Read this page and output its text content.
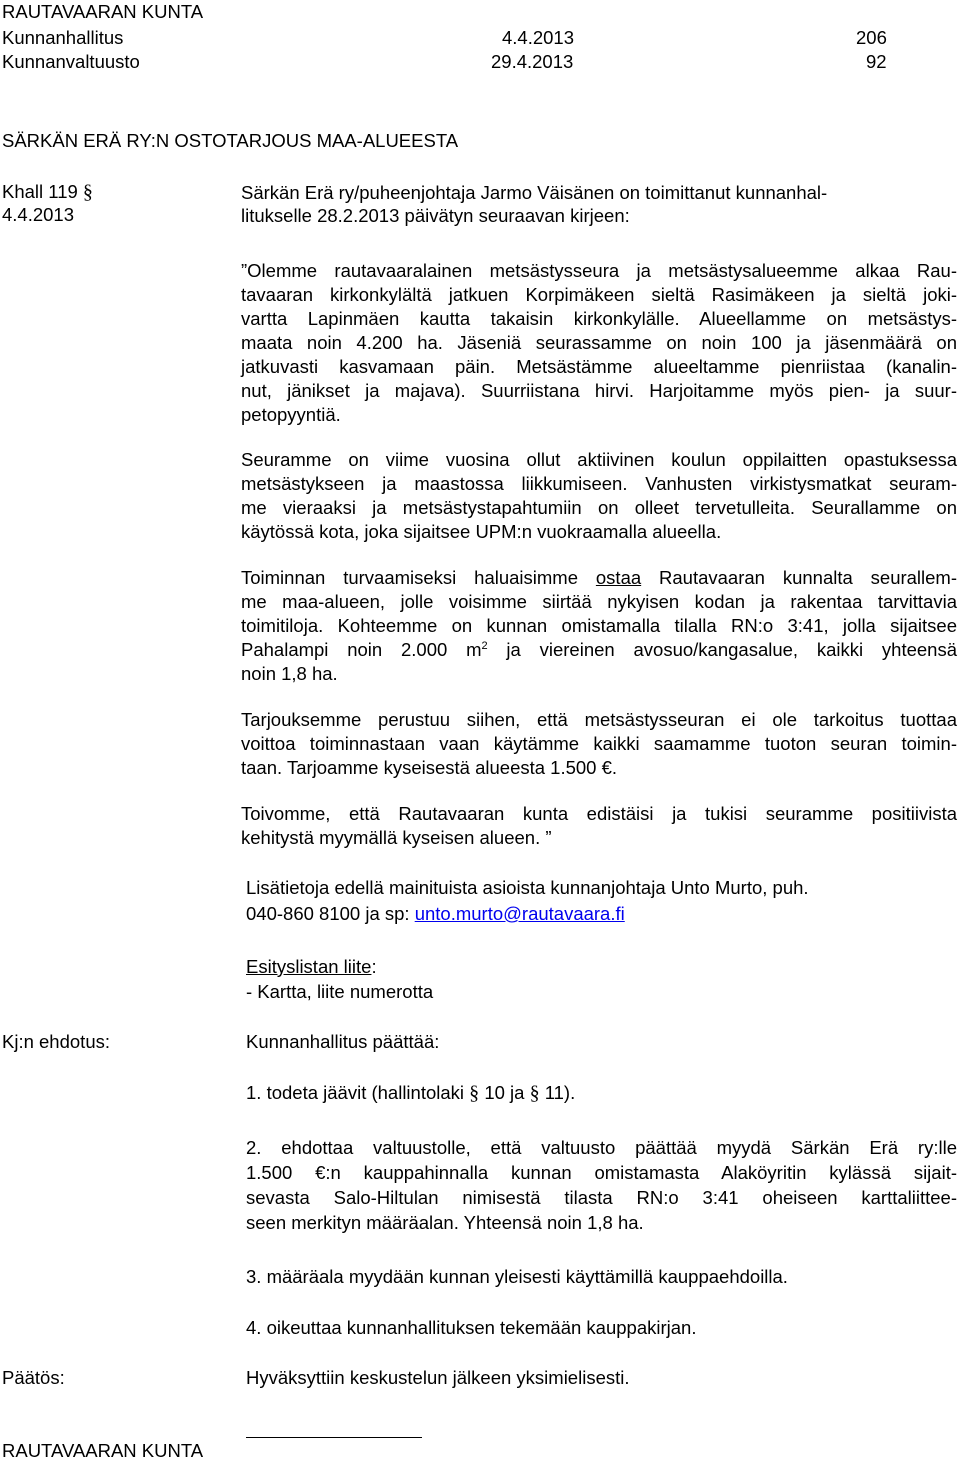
RAUTAVAARAN KUNTA
Kunnanhallitus	4.4.2013	206
Kunnanvaltuusto	29.4.2013	92
SÄRKÄN ERÄ RY:N OSTOTARJOUS MAA-ALUEESTA
Khall 119 §
4.4.2013
Särkän Erä ry/puheenjohtaja Jarmo Väisänen on toimittanut kunnanhal-
litukselle 28.2.2013 päivätyn seuraavan kirjeen:
”Olemme rautavaaralainen metsästysseura ja metsästysalueemme alkaa Rau-
tavaaran kirkonkylältä jatkuen Korpimäkeen sieltä Rasimäkeen ja sieltä joki-
vartta Lapinmäen kautta takaisin kirkonkylälle. Alueellamme on metsästys-
maata noin 4.200 ha. Jäseniä seurassamme on noin 100 ja jäsenmäärä on
jatkuvasti kasvamaan päin. Metsästämme alueeltamme pienriistaa (kanalin-
nut, jänikset ja majava). Suurriistana hirvi. Harjoitamme myös pien- ja suur-
petopyyntiä.
Seuramme on viime vuosina ollut aktiivinen koulun oppilaitten opastuksessa
metsästykseen ja maastossa liikkumiseen. Vanhusten virkistysmatkat seuram-
me vieraaksi ja metsästystapahtumiin on olleet tervetulleita. Seurallamme on
käytössä kota, joka sijaitsee UPM:n vuokraamalla alueella.
Toiminnan turvaamiseksi haluaisimme ostaa Rautavaaran kunnalta seurallem-
me maa-alueen, jolle voisimme siirtää nykyisen kodan ja rakentaa tarvittavia
toimitiloja. Kohteemme on kunnan omistamalla tilalla RN:o 3:41, jolla sijaitsee
Pahalampi noin 2.000 $m^2$ ja viereinen avosuo/kangasalue, kaikki yhteensä
noin 1,8 ha.
Tarjouksemme perustuu siihen, että metsästysseuran ei ole tarkoitus tuottaa
voittoa toiminnastaan vaan käytämme kaikki saamamme tuoton seuran toimin-
taan. Tarjoamme kyseisestä alueesta 1.500 €.
Toivomme, että Rautavaaran kunta edistäisi ja tukisi seuramme positiivista
kehitystä myymällä kyseisen alueen. ”
Lisätietoja edellä mainituista asioista kunnanjohtaja Unto Murto, puh.
040-860 8100 ja sp: unto.murto@rautavaara.fi
Esityslistan liite:
- Kartta, liite numerotta
Kj:n ehdotus:	Kunnanhallitus päättää:
1. todeta jäävit (hallintolaki § 10 ja § 11).
2. ehdottaa valtuustolle, että valtuusto päättää myydä Särkän Erä ry:lle
1.500 €:n kauppahinnalla kunnan omistamasta Alaköyritin kylässä sijait-
sevasta Salo-Hiltulan nimisestä tilasta RN:o 3:41 oheiseen karttaliittee-
seen merkityn määräalan. Yhteensä noin 1,8 ha.
3. määräala myydään kunnan yleisesti käyttämillä kauppaehdoilla.
4. oikeuttaa kunnanhallituksen tekemään kauppakirjan.
Päätös:	Hyväksyttiin keskustelun jälkeen yksimielisesti.
RAUTAVAARAN KUNTA
